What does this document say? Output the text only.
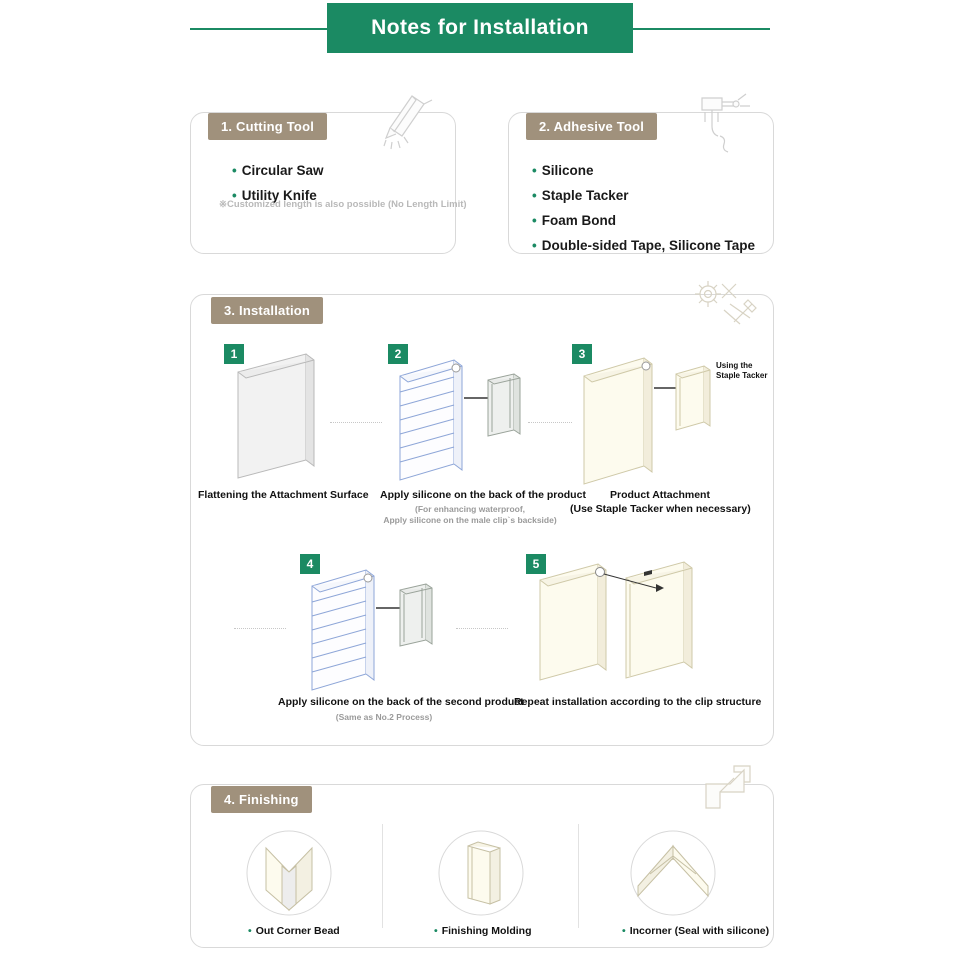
Notes for Installation
1. Cutting Tool
• Circular Saw
• Utility Knife
※Customized length is also possible (No Length Limit)
2. Adhesive Tool
• Silicone
• Staple Tacker
• Foam Bond
• Double-sided Tape, Silicone Tape
3. Installation
1
Flattening the Attachment Surface
2
Apply silicone on the back of the product
(For enhancing waterproof,
Apply silicone on the male clip`s backside)
3
Using the
Staple Tacker
Product Attachment
(Use Staple Tacker when necessary)
4
Apply silicone on the back of the second product
(Same as No.2 Process)
5
Repeat installation according to the clip structure
4. Finishing
• Out Corner Bead	• Finishing Molding	• Incorner (Seal with silicone)
